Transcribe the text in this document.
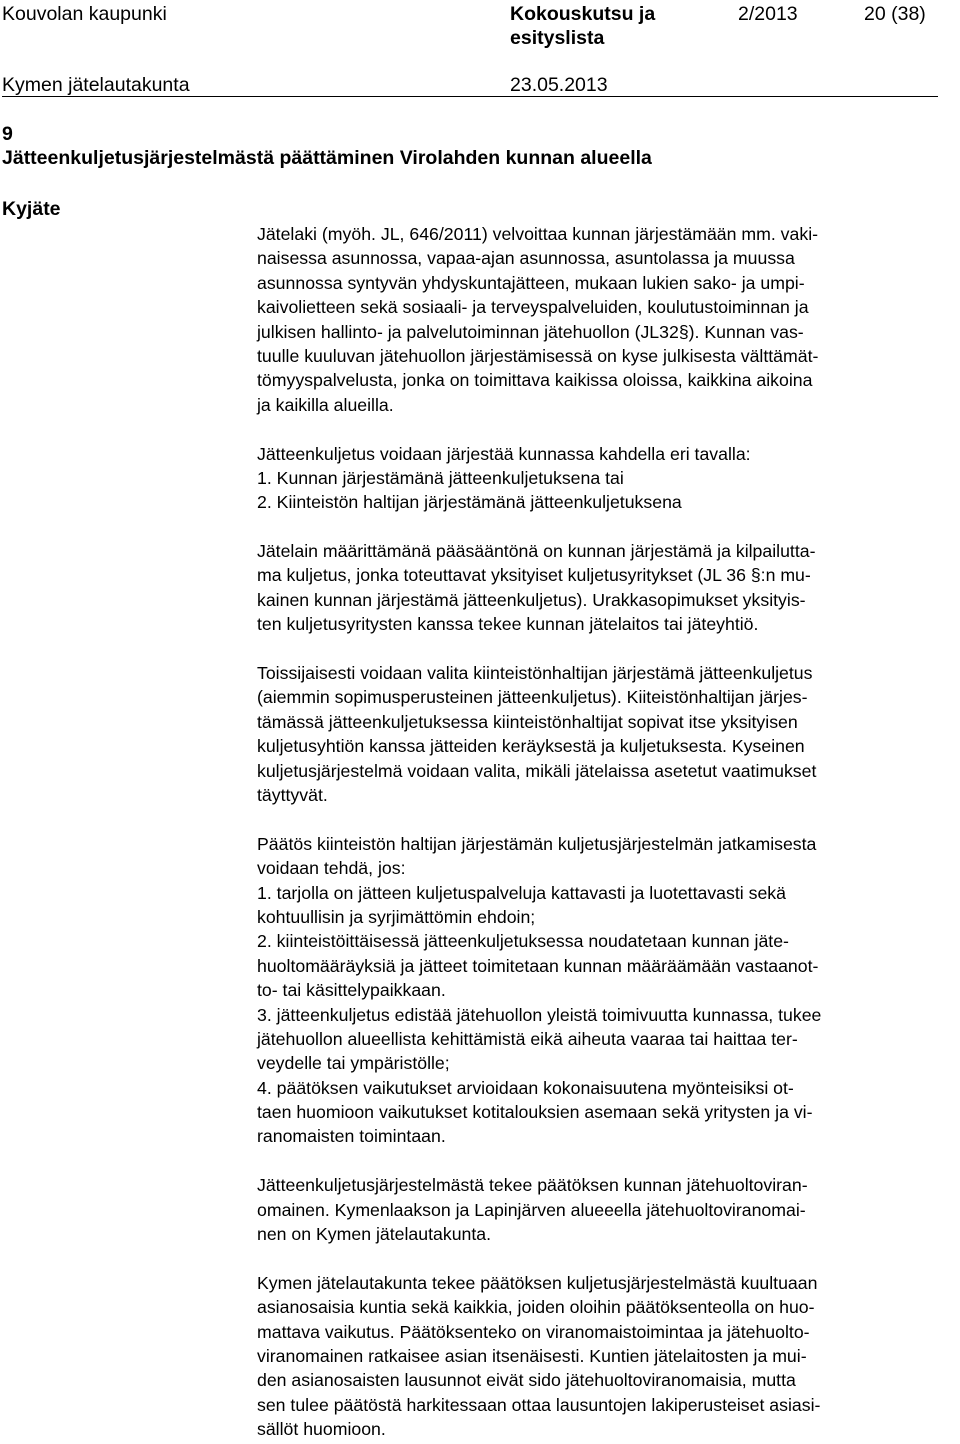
Kouvolan kaupunki	Kokouskutsu ja
esityslista
2/2013	20 (38)
Kymen jätelautakunta	23.05.2013
9
Jätteenkuljetusjärjestelmästä päättäminen Virolahden kunnan alueella
Kyjäte
Jätelaki (myöh. JL, 646/2011) velvoittaa kunnan järjestämään mm. vaki-
naisessa asunnossa, vapaa-ajan asunnossa, asuntolassa ja muussa
asunnossa syntyvän yhdyskuntajätteen, mukaan lukien sako- ja umpi-
kaivolietteen sekä sosiaali- ja terveyspalveluiden, koulutustoiminnan ja
julkisen hallinto- ja palvelutoiminnan jätehuollon (JL32§). Kunnan vas-
tuulle kuuluvan jätehuollon järjestämisessä on kyse julkisesta välttämät-
tömyyspalvelusta, jonka on toimittava kaikissa oloissa, kaikkina aikoina
ja kaikilla alueilla.
Jätteenkuljetus voidaan järjestää kunnassa kahdella eri tavalla:
1. Kunnan järjestämänä jätteenkuljetuksena tai
2. Kiinteistön haltijan järjestämänä jätteenkuljetuksena
Jätelain määrittämänä pääsääntönä on kunnan järjestämä ja kilpailutta-
ma kuljetus, jonka toteuttavat yksityiset kuljetusyritykset (JL 36 §:n mu-
kainen kunnan järjestämä jätteenkuljetus). Urakkasopimukset yksityis-
ten kuljetusyritysten kanssa tekee kunnan jätelaitos tai jäteyhtiö.
Toissijaisesti voidaan valita kiinteistönhaltijan järjestämä jätteenkuljetus
(aiemmin sopimusperusteinen jätteenkuljetus). Kiiteistönhaltijan järjes-
tämässä jätteenkuljetuksessa kiinteistönhaltijat sopivat itse yksityisen
kuljetusyhtiön kanssa jätteiden keräyksestä ja kuljetuksesta. Kyseinen
kuljetusjärjestelmä voidaan valita, mikäli jätelaissa asetetut vaatimukset
täyttyvät.
Päätös kiinteistön haltijan järjestämän kuljetusjärjestelmän jatkamisesta
voidaan tehdä, jos:
1. tarjolla on jätteen kuljetuspalveluja kattavasti ja luotettavasti sekä
kohtuullisin ja syrjimättömin ehdoin;
2. kiinteistöittäisessä jätteenkuljetuksessa noudatetaan kunnan jäte-
huoltomääräyksiä ja jätteet toimitetaan kunnan määräämään vastaanot-
to- tai käsittelypaikkaan.
3. jätteenkuljetus edistää jätehuollon yleistä toimivuutta kunnassa, tukee
jätehuollon alueellista kehittämistä eikä aiheuta vaaraa tai haittaa ter-
veydelle tai ympäristölle;
4. päätöksen vaikutukset arvioidaan kokonaisuutena myönteisiksi ot-
taen huomioon vaikutukset kotitalouksien asemaan sekä yritysten ja vi-
ranomaisten toimintaan.
Jätteenkuljetusjärjestelmästä tekee päätöksen kunnan jätehuoltoviran-
omainen. Kymenlaakson ja Lapinjärven alueeella jätehuoltoviranomai-
nen on Kymen jätelautakunta.
Kymen jätelautakunta tekee päätöksen kuljetusjärjestelmästä kuultuaan
asianosaisia kuntia sekä kaikkia, joiden oloihin päätöksenteolla on huo-
mattava vaikutus. Päätöksenteko on viranomaistoimintaa ja jätehuolto-
viranomainen ratkaisee asian itsenäisesti. Kuntien jätelaitosten ja mui-
den asianosaisten lausunnot eivät sido jätehuoltoviranomaisia, mutta
sen tulee päätöstä harkitessaan ottaa lausuntojen lakiperusteiset asiasi-
sällöt huomioon.
